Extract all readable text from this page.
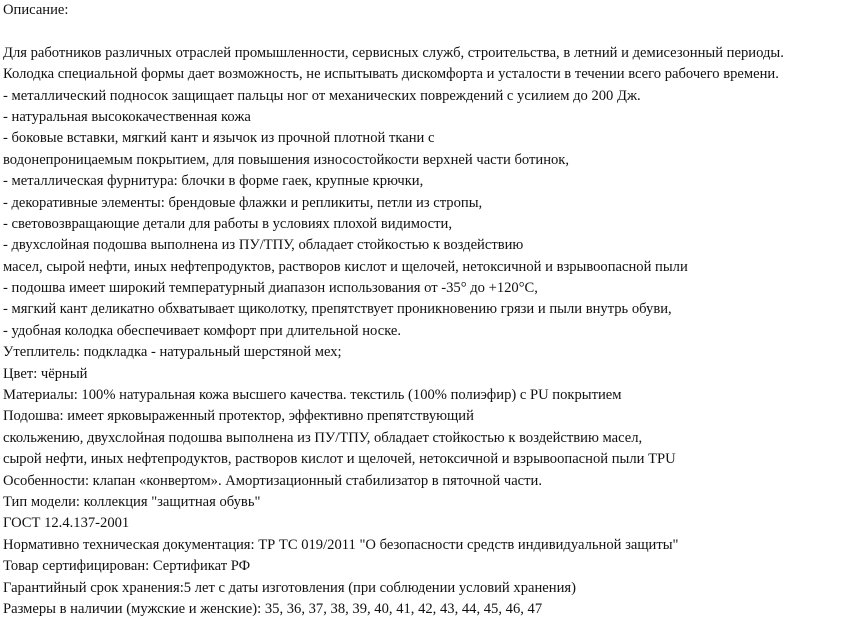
Описание:
Для работников различных отраслей промышленности, сервисных служб, строительства, в летний и демисезонный периоды.
Колодка специальной формы дает возможность, не испытывать дискомфорта и усталости в течении всего рабочего времени.
- металлический подносок защищает пальцы ног от механических повреждений с усилием до 200 Дж.
- натуральная высококачественная кожа
- боковые вставки, мягкий кант и язычок из прочной плотной ткани с
водонепроницаемым покрытием, для повышения износостойкости верхней части ботинок,
- металлическая фурнитура: блочки в форме гаек, крупные крючки,
- декоративные элементы: брендовые флажки и репликиты, петли из стропы,
- световозвращающие детали для работы в условиях плохой видимости,
- двухслойная подошва выполнена из ПУ/ТПУ, обладает стойкостью к воздействию
масел, сырой нефти, иных нефтепродуктов, растворов кислот и щелочей, нетоксичной и взрывоопасной пыли
- подошва имеет широкий температурный диапазон использования от -35° до +120°С,
- мягкий кант деликатно обхватывает щиколотку, препятствует проникновению грязи и пыли внутрь обуви,
- удобная колодка обеспечивает комфорт при длительной носке.
Утеплитель: подкладка - натуральный шерстяной мех;
Цвет: чёрный
Материалы: 100% натуральная кожа высшего качества. текстиль (100% полиэфир) с PU покрытием
Подошва: имеет ярковыраженный протектор, эффективно препятствующий
скольжению, двухслойная подошва выполнена из ПУ/ТПУ, обладает стойкостью к воздействию масел,
сырой нефти, иных нефтепродуктов, растворов кислот и щелочей, нетоксичной и взрывоопасной пыли TPU
Особенности: клапан «конвертом». Амортизационный стабилизатор в пяточной части.
Тип модели: коллекция "защитная обувь"
ГОСТ 12.4.137-2001
Нормативно техническая документация: ТР ТС 019/2011 "О безопасности средств индивидуальной защиты"
Товар сертифицирован: Сертификат РФ
Гарантийный срок хранения:5 лет с даты изготовления (при соблюдении условий хранения)
Размеры в наличии (мужские и женские): 35, 36, 37, 38, 39, 40, 41, 42, 43, 44, 45, 46, 47
